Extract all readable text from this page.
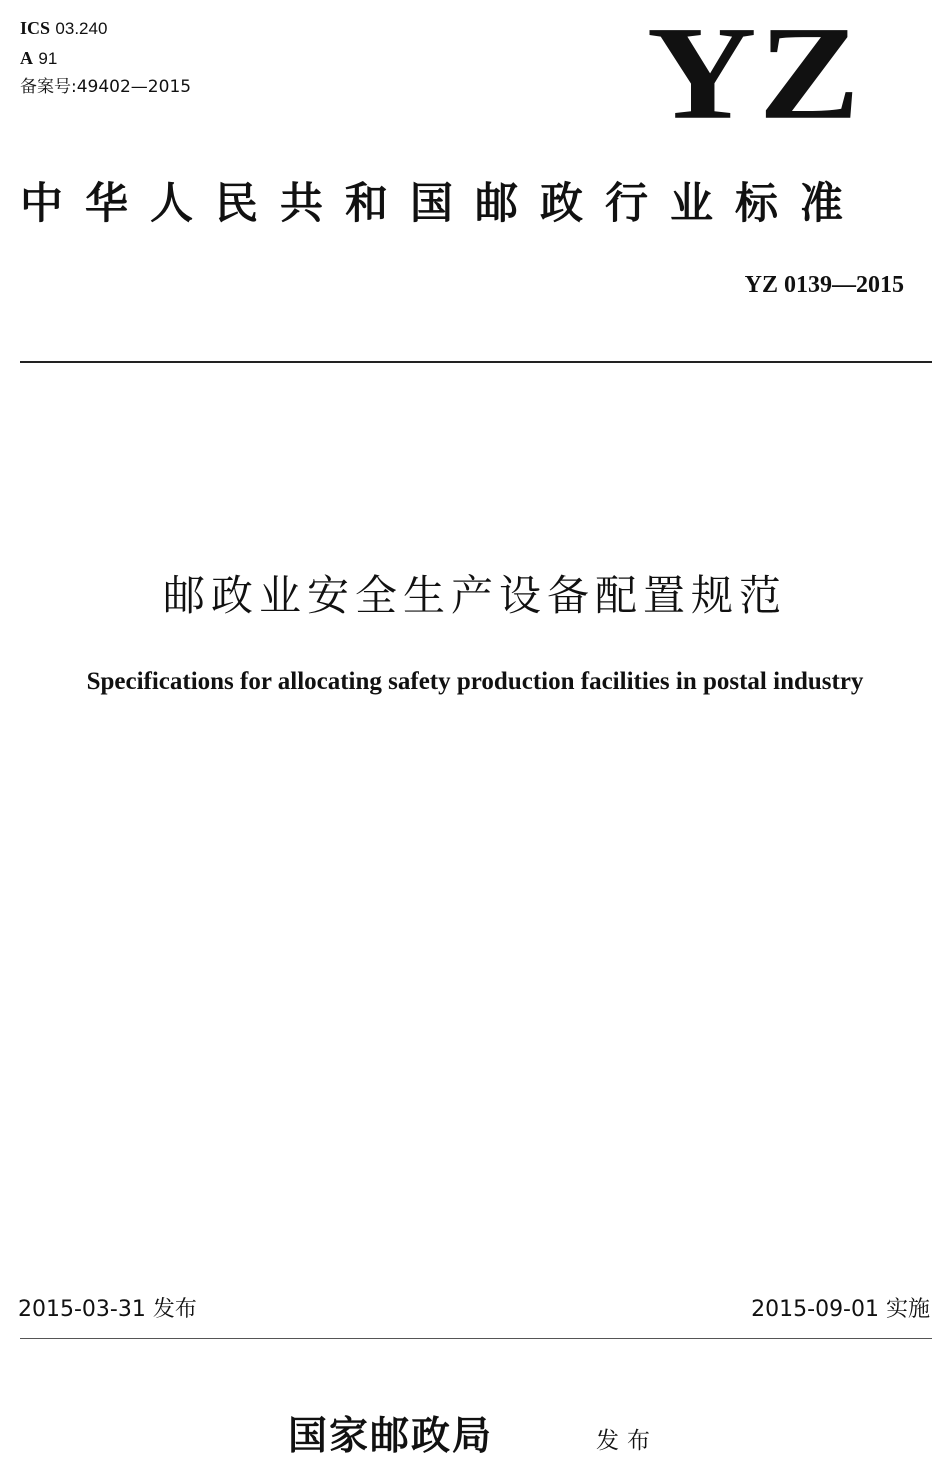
ICS 03.240
A 91
备案号:49402—2015	YZ
中华人民共和国邮政行业标准
YZ 0139—2015
邮政业安全生产设备配置规范
Specifications for allocating safety production facilities in postal industry
2015-03-31 发布	2015-09-01 实施
国家邮政局	发布
